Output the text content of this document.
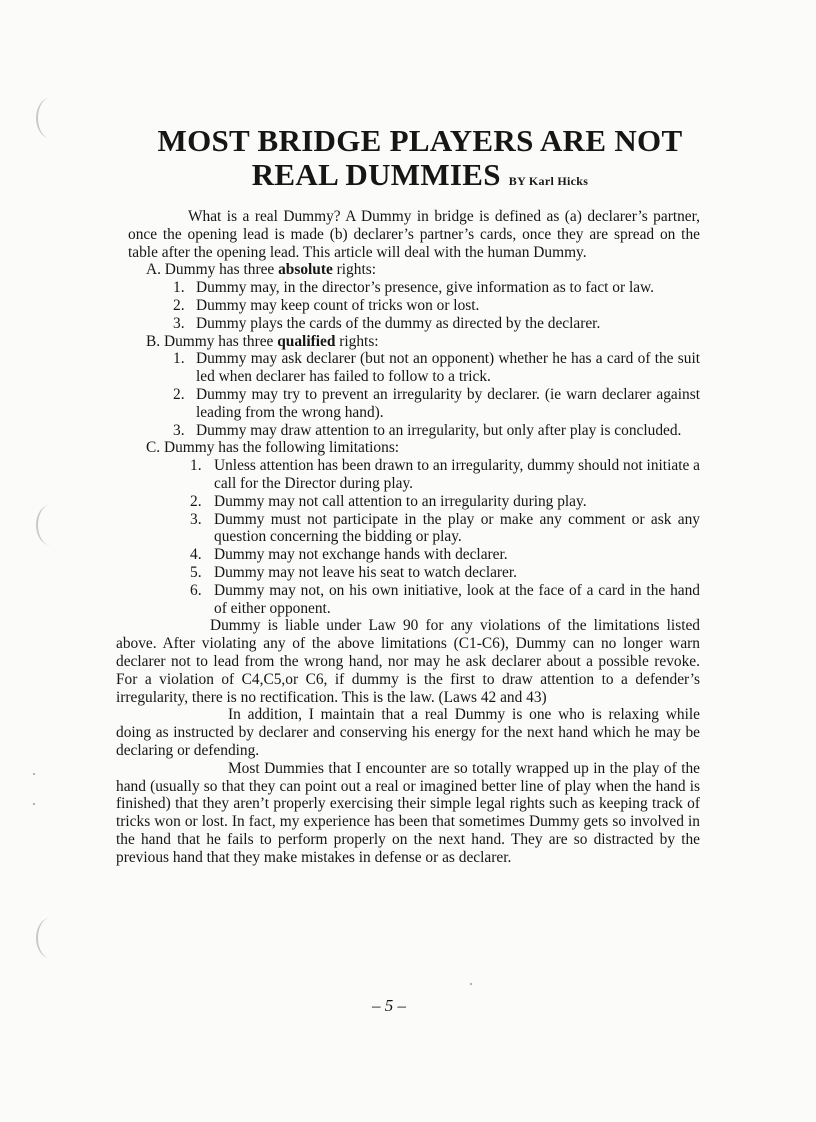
MOST BRIDGE PLAYERS ARE NOT
REAL DUMMIES BY Karl Hicks

What is a real Dummy? A Dummy in bridge is defined as (a) declarer’s partner, once the opening lead is made (b) declarer’s partner’s cards, once they are spread on the table after the opening lead. This article will deal with the human Dummy.

A. Dummy has three absolute rights:
1. Dummy may, in the director’s presence, give information as to fact or law.
2. Dummy may keep count of tricks won or lost.
3. Dummy plays the cards of the dummy as directed by the declarer.
B. Dummy has three qualified rights:
1. Dummy may ask declarer (but not an opponent) whether he has a card of the suit led when declarer has failed to follow to a trick.
2. Dummy may try to prevent an irregularity by declarer. (ie warn declarer against leading from the wrong hand).
3. Dummy may draw attention to an irregularity, but only after play is concluded.
C. Dummy has the following limitations:
1. Unless attention has been drawn to an irregularity, dummy should not initiate a call for the Director during play.
2. Dummy may not call attention to an irregularity during play.
3. Dummy must not participate in the play or make any comment or ask any question concerning the bidding or play.
4. Dummy may not exchange hands with declarer.
5. Dummy may not leave his seat to watch declarer.
6. Dummy may not, on his own initiative, look at the face of a card in the hand of either opponent.

Dummy is liable under Law 90 for any violations of the limitations listed above. After violating any of the above limitations (C1-C6), Dummy can no longer warn declarer not to lead from the wrong hand, nor may he ask declarer about a possible revoke. For a violation of C4,C5,or C6, if dummy is the first to draw attention to a defender’s irregularity, there is no rectification. This is the law. (Laws 42 and 43)

In addition, I maintain that a real Dummy is one who is relaxing while doing as instructed by declarer and conserving his energy for the next hand which he may be declaring or defending.

Most Dummies that I encounter are so totally wrapped up in the play of the hand (usually so that they can point out a real or imagined better line of play when the hand is finished) that they aren’t properly exercising their simple legal rights such as keeping track of tricks won or lost. In fact, my experience has been that sometimes Dummy gets so involved in the hand that he fails to perform properly on the next hand. They are so distracted by the previous hand that they make mistakes in defense or as declarer.

– 5 –
